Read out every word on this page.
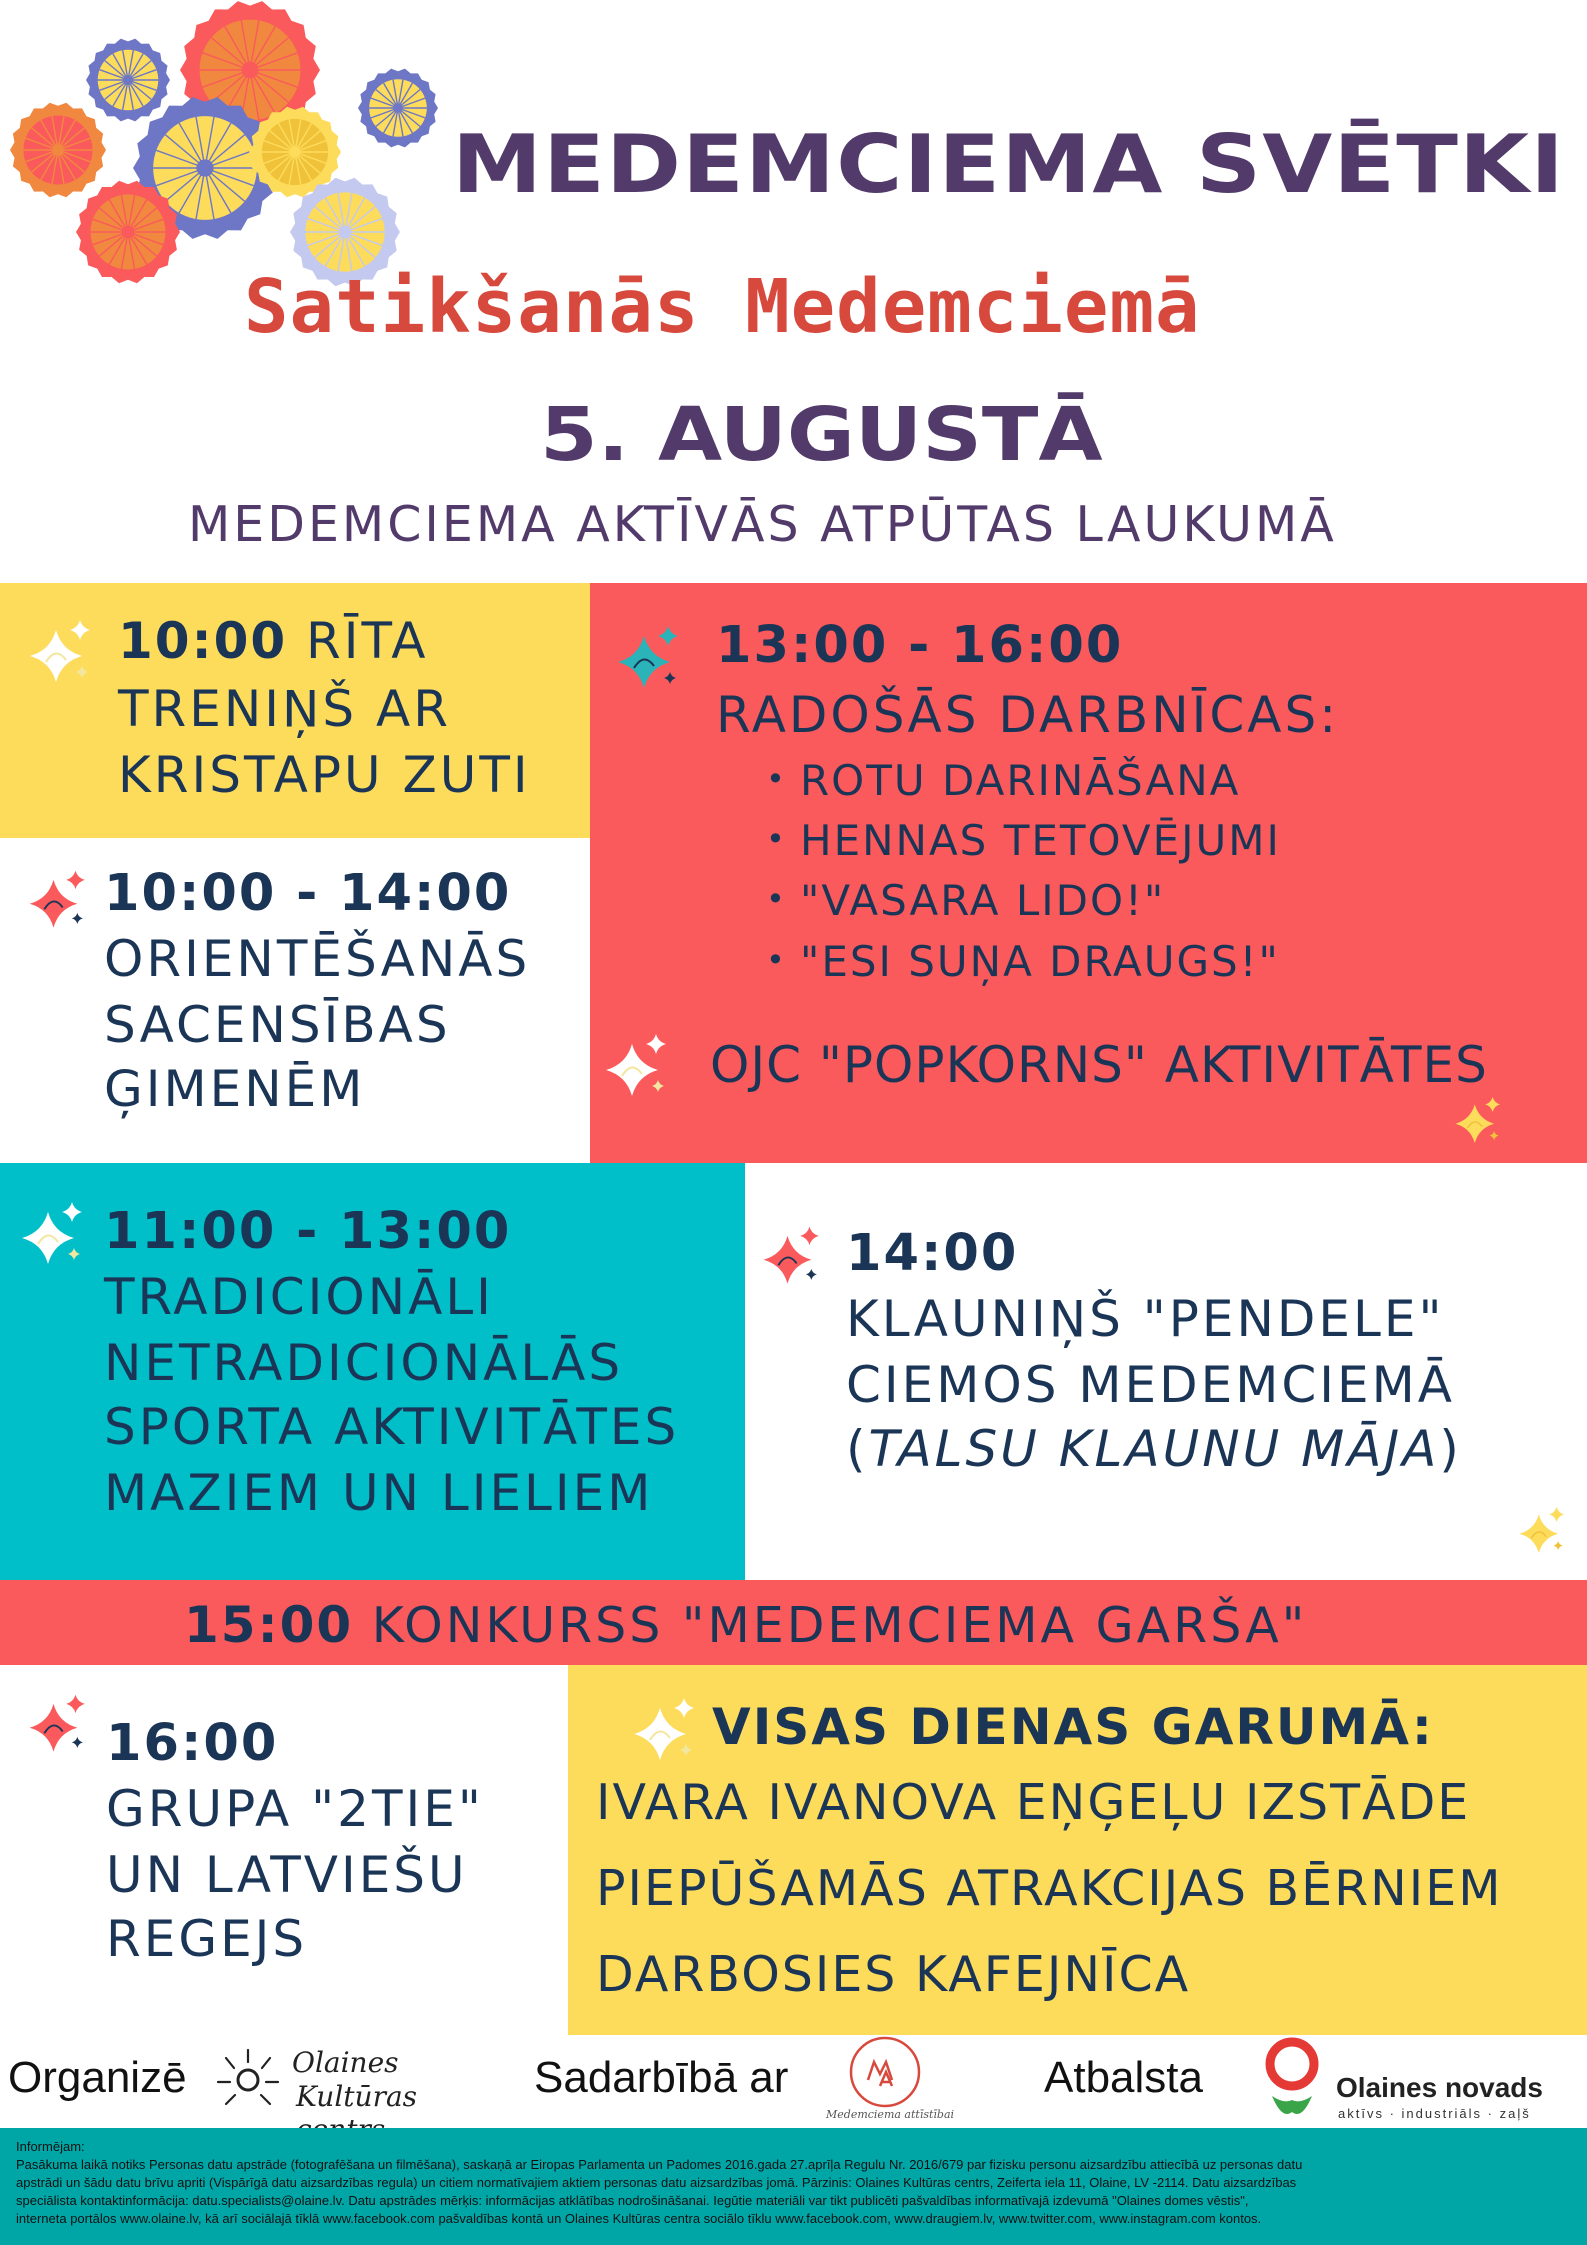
MEDEMCIEMA SVĒTKI
Satikšanās Medemciemā
5. AUGUSTĀ
MEDEMCIEMA AKTĪVĀS ATPŪTAS LAUKUMĀ
10:00 RĪTA
TRENIŅŠ AR
KRISTAPU ZUTI
13:00 - 16:00
RADOŠĀS DARBNĪCAS:
• ROTU DARINĀŠANA
• HENNAS TETOVĒJUMI
• "VASARA LIDO!"
• "ESI SUŅA DRAUGS!"
OJC "POPKORNS" AKTIVITĀTES
10:00 - 14:00
ORIENTĒŠANĀS
SACENSĪBAS
ĢIMENĒM
11:00 - 13:00
TRADICIONĀLI
NETRADICIONĀLĀS
SPORTA AKTIVITĀTES
MAZIEM UN LIELIEM
14:00
KLAUNIŅŠ "PENDELE"
CIEMOS MEDEMCIEMĀ
(TALSU KLAUNU MĀJA)
15:00 KONKURSS "MEDEMCIEMA GARŠA"
16:00
GRUPA "2TIE"
UN LATVIEŠU
REGEJS
VISAS DIENAS GARUMĀ:
IVARA IVANOVA EŅĢEĻU IZSTĀDE
PIEPŪŠAMĀS ATRAKCIJAS BĒRNIEM
DARBOSIES KAFEJNĪCA
Organizē	Olaines
Kultūras	Sadarbībā ar
Medemciema attīstībai
Atbalsta	Olaines novads
aktīvs · industriāls · zaļš
Informējam:
Pasākuma laikā notiks Personas datu apstrāde (fotografēšana un filmēšana), saskaņā ar Eiropas Parlamenta un Padomes 2016.gada 27.aprīļa Regulu Nr. 2016/679 par fizisku personu aizsardzību attiecībā uz personas datu
apstrādi un šādu datu brīvu apriti (Vispārīgā datu aizsardzības regula) un citiem normatīvajiem aktiem personas datu aizsardzības jomā. Pārzinis: Olaines Kultūras centrs, Zeiferta iela 11, Olaine, LV -2114. Datu aizsardzības
speciālista kontaktinformācija: datu.specialists@olaine.lv. Datu apstrādes mērķis: informācijas atklātības nodrošināšanai. Iegūtie materiāli var tikt publicēti pašvaldības informatīvajā izdevumā "Olaines domes vēstis",
interneta portālos www.olaine.lv, kā arī sociālajā tīklā www.facebook.com pašvaldības kontā un Olaines Kultūras centra sociālo tīklu www.facebook.com, www.draugiem.lv, www.twitter.com, www.instagram.com kontos.
